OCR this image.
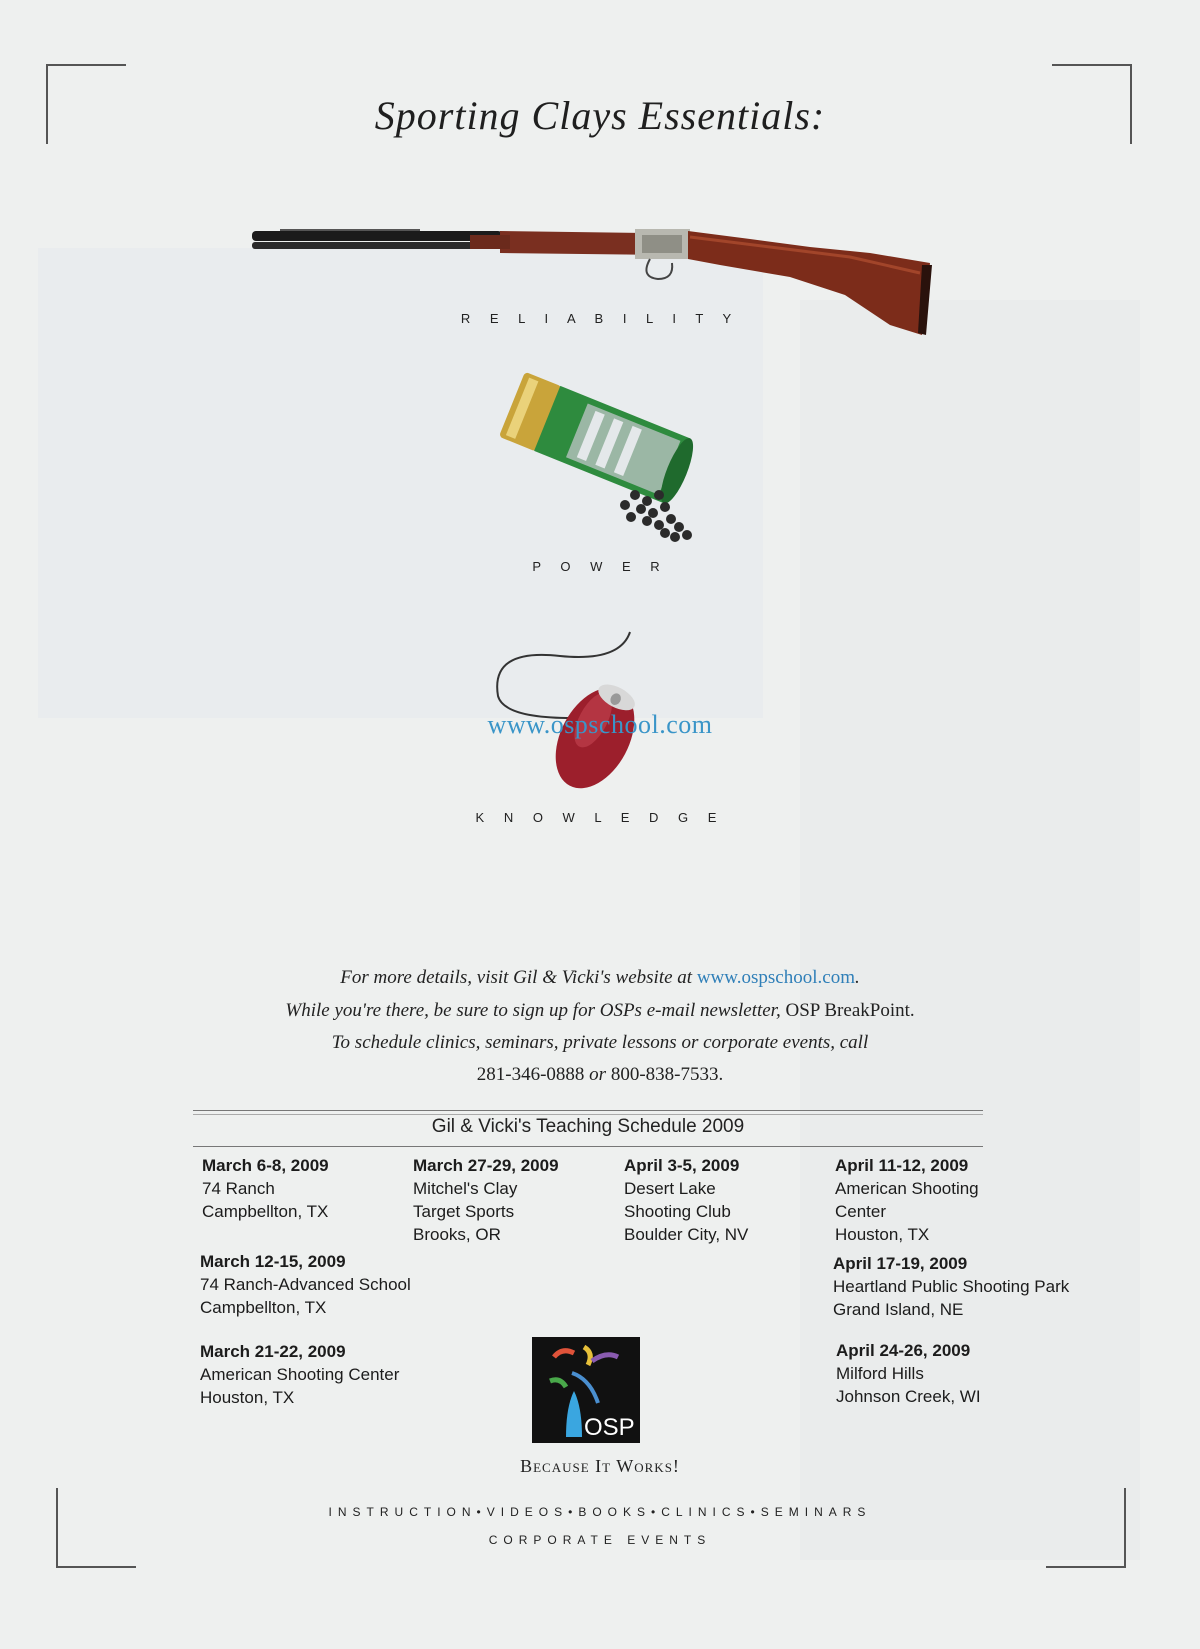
Sporting Clays Essentials:
R E L I A B I L I T Y
P O W E R
www.ospschool.com
K N O W L E D G E
For more details, visit Gil & Vicki's website at www.ospschool.com.
While you're there, be sure to sign up for OSPs e-mail newsletter, OSP BreakPoint.
To schedule clinics, seminars, private lessons or corporate events, call
281-346-0888 or 800-838-7533.
Gil & Vicki's Teaching Schedule 2009
March 6-8, 2009
74 Ranch
Campbellton, TX
March 27-29, 2009
Mitchel's Clay
Target Sports
Brooks, OR
April 3-5, 2009
Desert Lake
Shooting Club
Boulder City, NV
April 11-12, 2009
American Shooting
Center
Houston, TX
March 12-15, 2009
74 Ranch-Advanced School
Campbellton, TX
April 17-19, 2009
Heartland Public Shooting Park
Grand Island, NE
March 21-22, 2009
American Shooting Center
Houston, TX
April 24-26, 2009
Milford Hills
Johnson Creek, WI
OSP
Because It Works!
INSTRUCTION•VIDEOS•BOOKS•CLINICS•SEMINARS
CORPORATE EVENTS
